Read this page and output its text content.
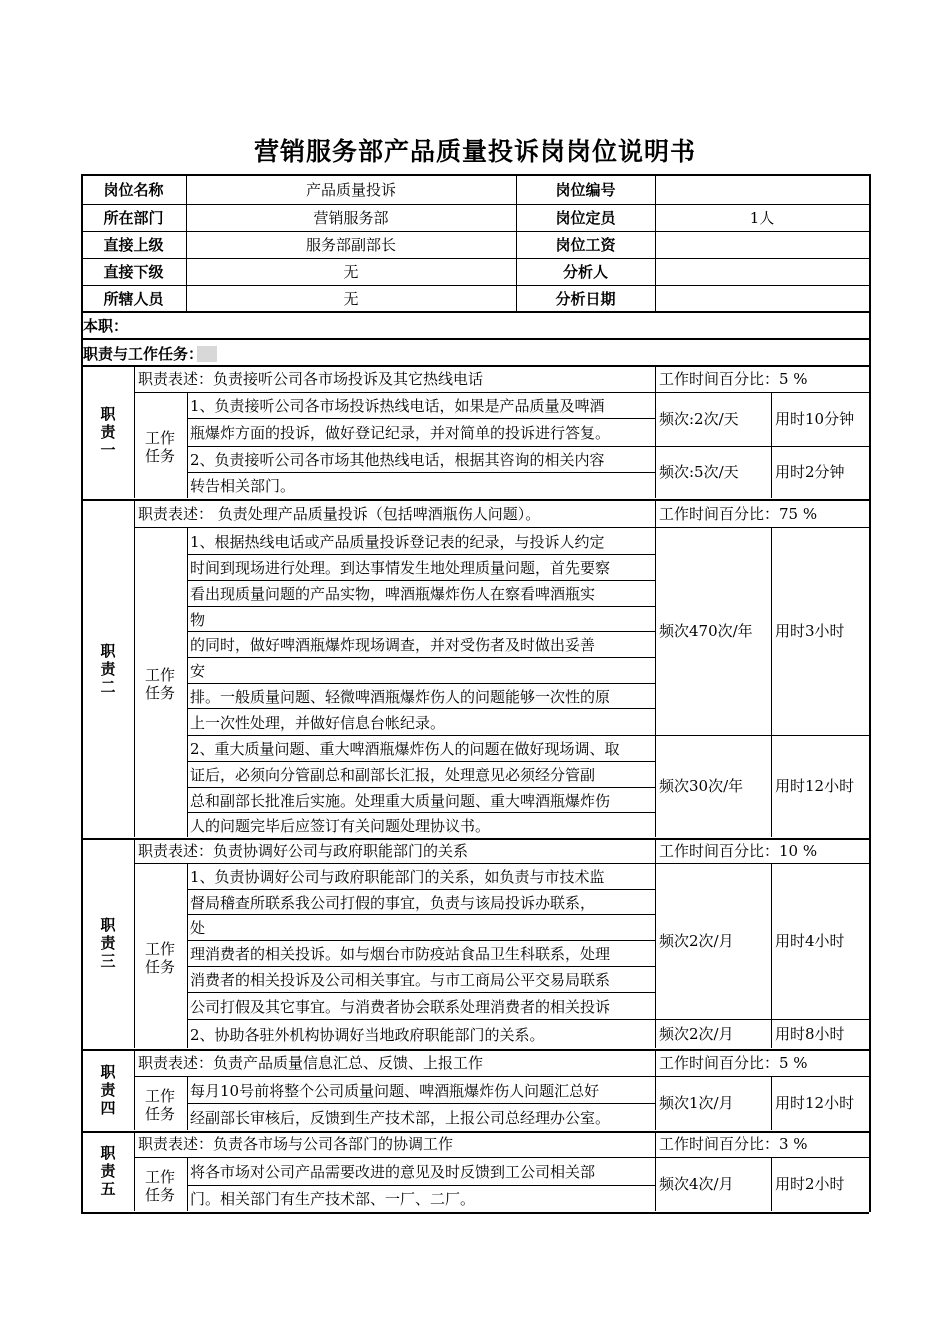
营销服务部产品质量投诉岗岗位说明书
岗位名称	产品质量投诉	岗位编号
所在部门	营销服务部	岗位定员	1人
直接上级	服务部副部长	岗位工资
直接下级	无	分析人
所辖人员	无	分析日期
本职：
职责与工作任务：
职责表述：负责接听公司各市场投诉及其它热线电话	工作时间百分比：5 %
职
责
一
工作
任务
1、负责接听公司各市场投诉热线电话，如果是产品质量及啤酒
瓶爆炸方面的投诉，做好登记纪录，并对简单的投诉进行答复。
频次:2次/天 用时10分钟
2、负责接听公司各市场其他热线电话，根据其咨询的相关内容
转告相关部门。
频次:5次/天 用时2分钟
职责表述： 负责处理产品质量投诉（包括啤酒瓶伤人问题）。	工作时间百分比：75 %
职
责
二
工作
任务
1、根据热线电话或产品质量投诉登记表的纪录，与投诉人约定
时间到现场进行处理。到达事情发生地处理质量问题，首先要察
看出现质量问题的产品实物，啤酒瓶爆炸伤人在察看啤酒瓶实
物
的同时，做好啤酒瓶爆炸现场调查，并对受伤者及时做出妥善
安
排。一般质量问题、轻微啤酒瓶爆炸伤人的问题能够一次性的原
上一次性处理，并做好信息台帐纪录。
频次470次/年 用时3小时
2、重大质量问题、重大啤酒瓶爆炸伤人的问题在做好现场调、取
证后，必须向分管副总和副部长汇报，处理意见必须经分管副
总和副部长批准后实施。处理重大质量问题、重大啤酒瓶爆炸伤
人的问题完毕后应签订有关问题处理协议书。
频次30次/年 用时12小时
职责表述：负责协调好公司与政府职能部门的关系	工作时间百分比：10 %
职
责
三
工作
任务
1、负责协调好公司与政府职能部门的关系，如负责与市技术监
督局稽查所联系我公司打假的事宜，负责与该局投诉办联系，
处
理消费者的相关投诉。如与烟台市防疫站食品卫生科联系，处理
消费者的相关投诉及公司相关事宜。与市工商局公平交易局联系
公司打假及其它事宜。与消费者协会联系处理消费者的相关投诉
频次2次/月	用时4小时
2、协助各驻外机构协调好当地政府职能部门的关系。	频次2次/月	用时8小时
职责表述：负责产品质量信息汇总、反馈、上报工作	工作时间百分比：5 %
职
责
四
工作
任务
每月10号前将整个公司质量问题、啤酒瓶爆炸伤人问题汇总好
经副部长审核后，反馈到生产技术部，上报公司总经理办公室。
频次1次/月	用时12小时
职责表述：负责各市场与公司各部门的协调工作	工作时间百分比：3 %
职
责
五
工作
任务
将各市场对公司产品需要改进的意见及时反馈到工公司相关部
门。相关部门有生产技术部、一厂、二厂。
频次4次/月	用时2小时
